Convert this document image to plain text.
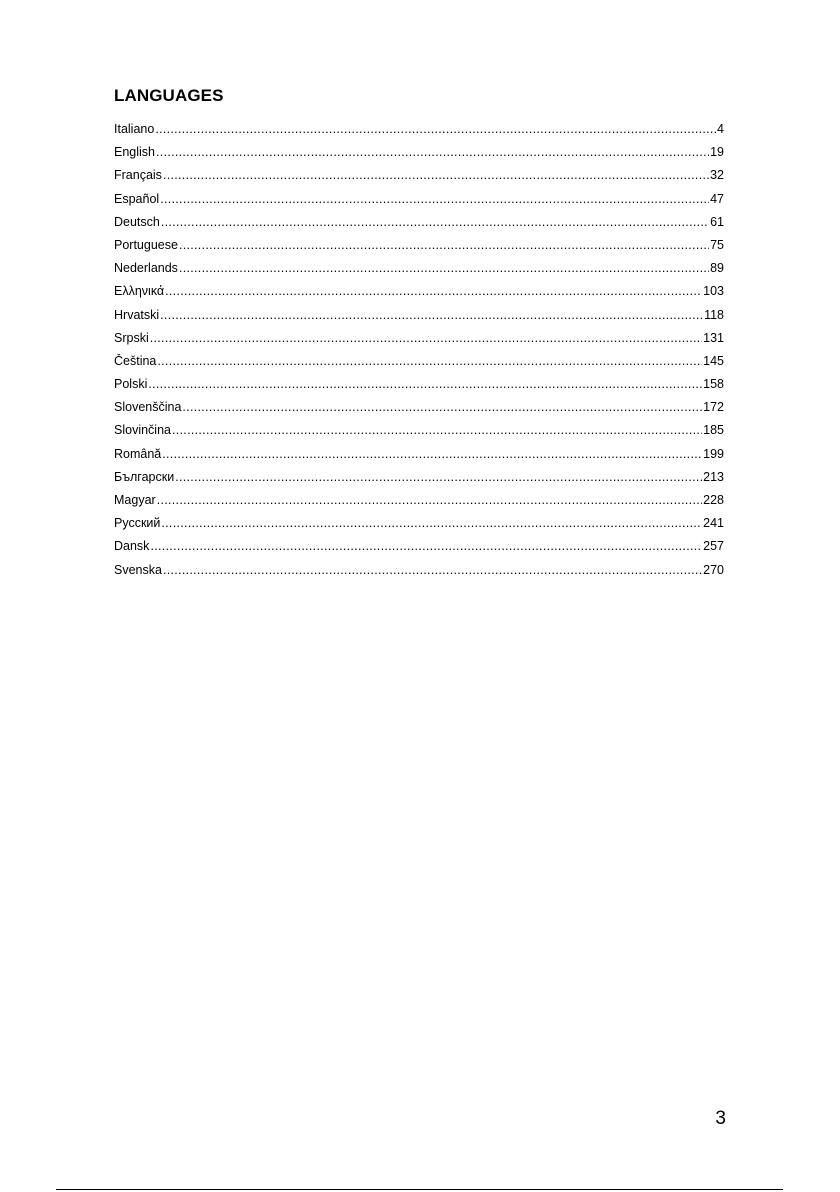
LANGUAGES
Italiano .....	4
English .....	19
Français .....	32
Español .....	47
Deutsch .....	61
Portuguese .....	75
Nederlands .....	89
Ελληνικά .....	103
Hrvatski .....	118
Srpski .....	131
Čeština .....	145
Polski .....	158
Slovenščina .....	172
Slovinčina .....	185
Română .....	199
Български .....	213
Magyar .....	228
Русский .....	241
Dansk .....	257
Svenska .....	270
3
